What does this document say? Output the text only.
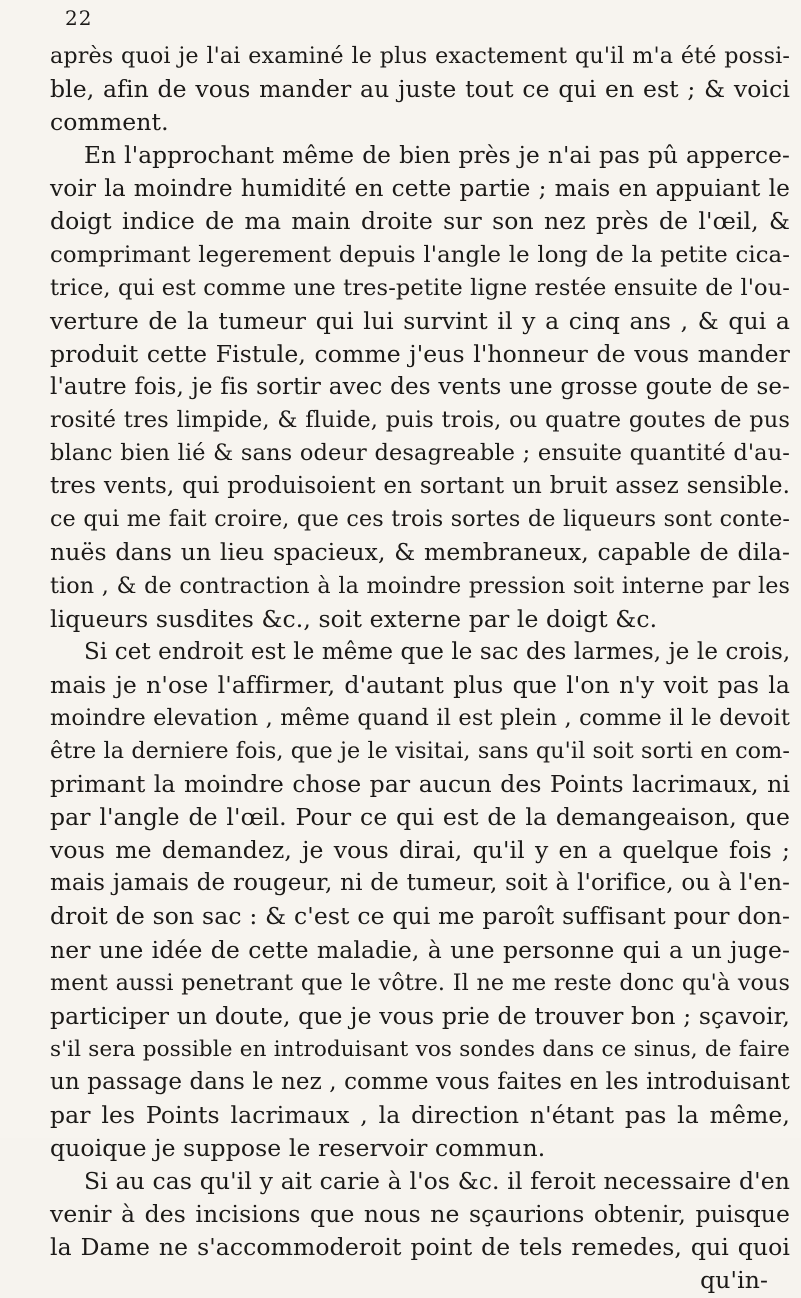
22
après quoi je l'ai examiné le plus exactement qu'il m'a été possi-
ble, afin de vous mander au juste tout ce qui en est ; & voici
comment.
En l'approchant même de bien près je n'ai pas pû apperce-
voir la moindre humidité en cette partie ; mais en appuiant le
doigt indice de ma main droite sur son nez près de l'œil, &
comprimant legerement depuis l'angle le long de la petite cica-
trice, qui est comme une tres-petite ligne restée ensuite de l'ou-
verture de la tumeur qui lui survint il y a cinq ans , & qui a
produit cette Fistule, comme j'eus l'honneur de vous mander
l'autre fois, je fis sortir avec des vents une grosse goute de se-
rosité tres limpide, & fluide, puis trois, ou quatre goutes de pus
blanc bien lié & sans odeur desagreable ; ensuite quantité d'au-
tres vents, qui produisoient en sortant un bruit assez sensible.
ce qui me fait croire, que ces trois sortes de liqueurs sont conte-
nuës dans un lieu spacieux, & membraneux, capable de dila-
tion , & de contraction à la moindre pression soit interne par les
liqueurs susdites &c., soit externe par le doigt &c.
Si cet endroit est le même que le sac des larmes, je le crois,
mais je n'ose l'affirmer, d'autant plus que l'on n'y voit pas la
moindre elevation , même quand il est plein , comme il le devoit
être la derniere fois, que je le visitai, sans qu'il soit sorti en com-
primant la moindre chose par aucun des Points lacrimaux, ni
par l'angle de l'œil. Pour ce qui est de la demangeaison, que
vous me demandez, je vous dirai, qu'il y en a quelque fois ;
mais jamais de rougeur, ni de tumeur, soit à l'orifice, ou à l'en-
droit de son sac : & c'est ce qui me paroît suffisant pour don-
ner une idée de cette maladie, à une personne qui a un juge-
ment aussi penetrant que le vôtre. Il ne me reste donc qu'à vous
participer un doute, que je vous prie de trouver bon ; sçavoir,
s'il sera possible en introduisant vos sondes dans ce sinus, de faire
un passage dans le nez , comme vous faites en les introduisant
par les Points lacrimaux , la direction n'étant pas la même,
quoique je suppose le reservoir commun.
Si au cas qu'il y ait carie à l'os &c. il feroit necessaire d'en
venir à des incisions que nous ne sçaurions obtenir, puisque
la Dame ne s'accommoderoit point de tels remedes, qui quoi
qu'in-
